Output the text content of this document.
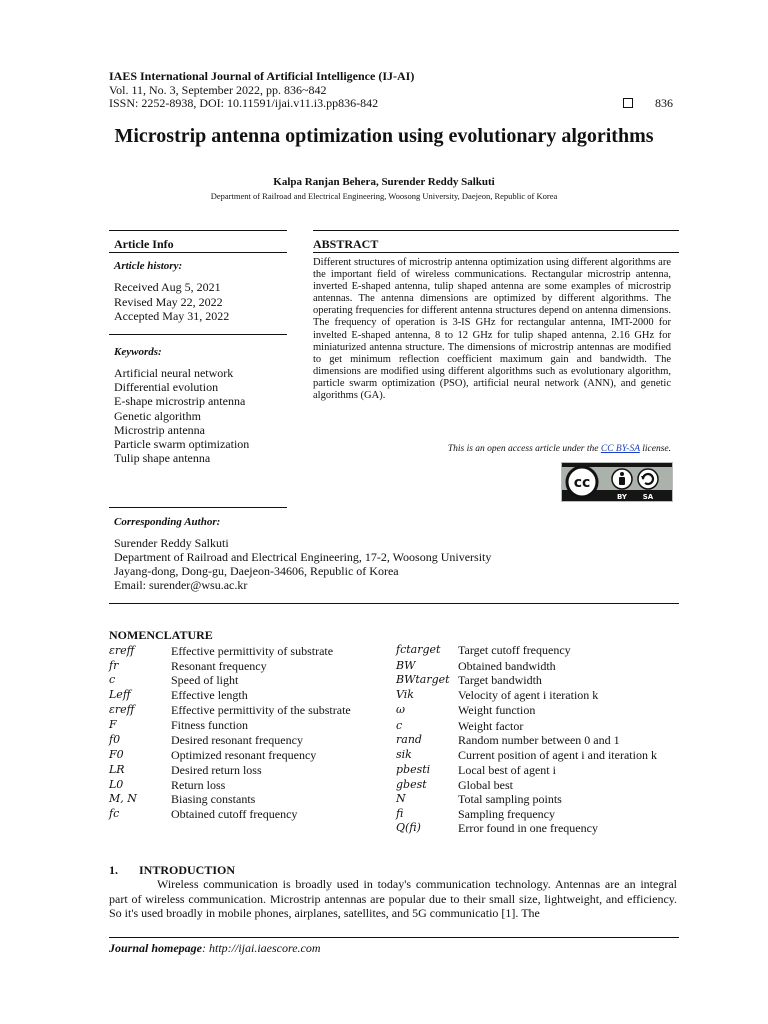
IAES International Journal of Artificial Intelligence (IJ-AI)
Vol. 11, No. 3, September 2022, pp. 836~842
ISSN: 2252-8938, DOI: 10.11591/ijai.v11.i3.pp836-842	836
Microstrip antenna optimization using evolutionary algorithms
Kalpa Ranjan Behera, Surender Reddy Salkuti
Department of Railroad and Electrical Engineering, Woosong University, Daejeon, Republic of Korea
Article Info
Article history:
Received Aug 5, 2021
Revised May 22, 2022
Accepted May 31, 2022
Keywords:
Artificial neural network
Differential evolution
E-shape microstrip antenna
Genetic algorithm
Microstrip antenna
Particle swarm optimization
Tulip shape antenna
ABSTRACT
Different structures of microstrip antenna optimization using different algorithms are the important field of wireless communications. Rectangular microstrip antenna, inverted E-shaped antenna, tulip shaped antenna are some examples of microstrip antennas. The antenna dimensions are optimized by different algorithms. The operating frequencies for different antenna structures depend on antenna dimensions. The frequency of operation is 3-IS GHz for rectangular antenna, IMT-2000 for invelted E-shaped antenna, 8 to 12 GHz for tulip shaped antenna, 2.16 GHz for miniaturized antenna structure. The dimensions of microstrip antennas are modified to get minimum reflection coefficient maximum gain and bandwidth. The dimensions are modified using different algorithms such as evolutionary algorithm, particle swarm optimization (PSO), artificial neural network (ANN), and genetic algorithms (GA).
This is an open access article under the CC BY-SA license.
cc
BY SA
Corresponding Author:
Surender Reddy Salkuti
Department of Railroad and Electrical Engineering, 17-2, Woosong University
Jayang-dong, Dong-gu, Daejeon-34606, Republic of Korea
Email: surender@wsu.ac.kr
NOMENCLATURE
εreff	Effective permittivity of substrate
fr	Resonant frequency
c	Speed of light
Leff	Effective length
εreff	Effective permittivity of the substrate
F	Fitness function
f0	Desired resonant frequency
F0	Optimized resonant frequency
LR	Desired return loss
L0	Return loss
M, N	Biasing constants
fc	Obtained cutoff frequency
fctarget Target cutoff frequency
BW	Obtained bandwidth
BWtarget Target bandwidth
Vik	Velocity of agent i iteration k
ω	Weight function
c	Weight factor
rand	Random number between 0 and 1
sik	Current position of agent i and iteration k
pbesti Local best of agent i
gbest	Global best
N	Total sampling points
fi	Sampling frequency
Q(fi)	Error found in one frequency
1.       INTRODUCTION
Wireless communication is broadly used in today's communication technology. Antennas are an integral part of wireless communication. Microstrip antennas are popular due to their small size, lightweight, and efficiency. So it's used broadly in mobile phones, airplanes, satellites, and 5G communicatio [1]. The
Journal homepage: http://ijai.iaescore.com
